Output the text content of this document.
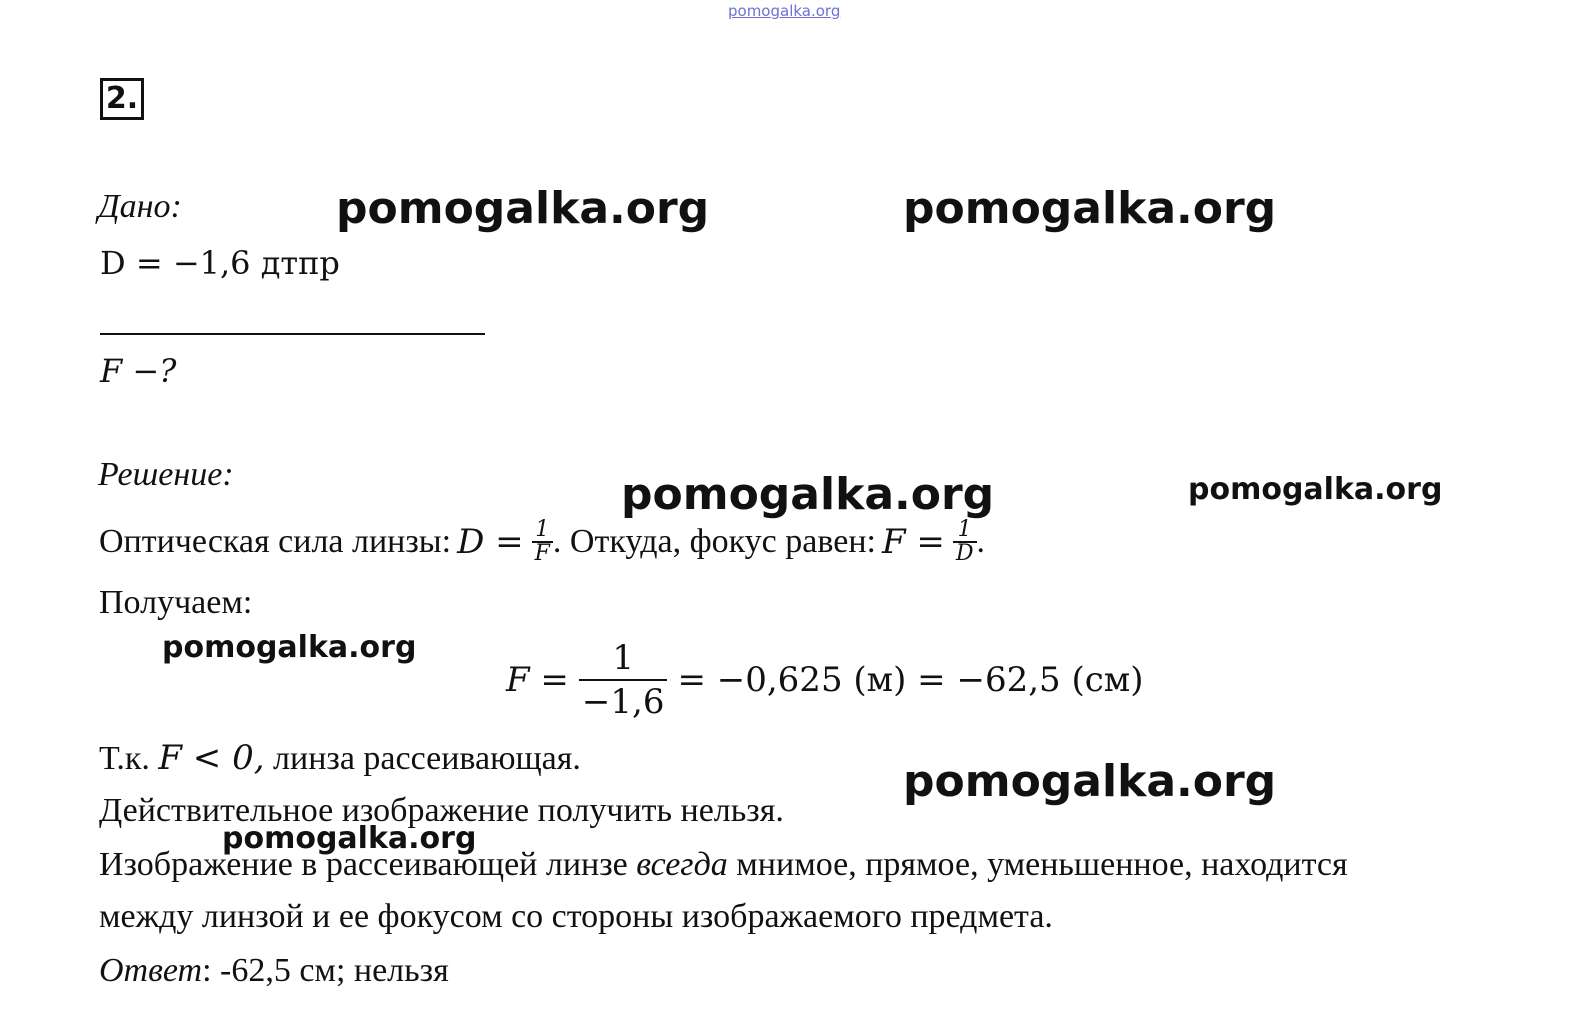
pomogalka.org
2.
Дано:
D = −1,6 дтпр
F −?
Решение:
Оптическая сила линзы: $D = \frac{1}{F}$ . Откуда, фокус равен: $F = \frac{1}{D}$ .
Получаем:
$F = \frac{1}{-1,6} = -0,625$ (м) = −62,5 (см)
Т.к. F < 0, линза рассеивающая.
Действительное изображение получить нельзя.
Изображение в рассеивающей линзе всегда мнимое, прямое, уменьшенное, находится
между линзой и ее фокусом со стороны изображаемого предмета.
Ответ: -62,5 см; нельзя
pomogalka.org	pomogalka.org
pomogalka.org	pomogalka.org
pomogalka.org
pomogalka.org
pomogalka.org
